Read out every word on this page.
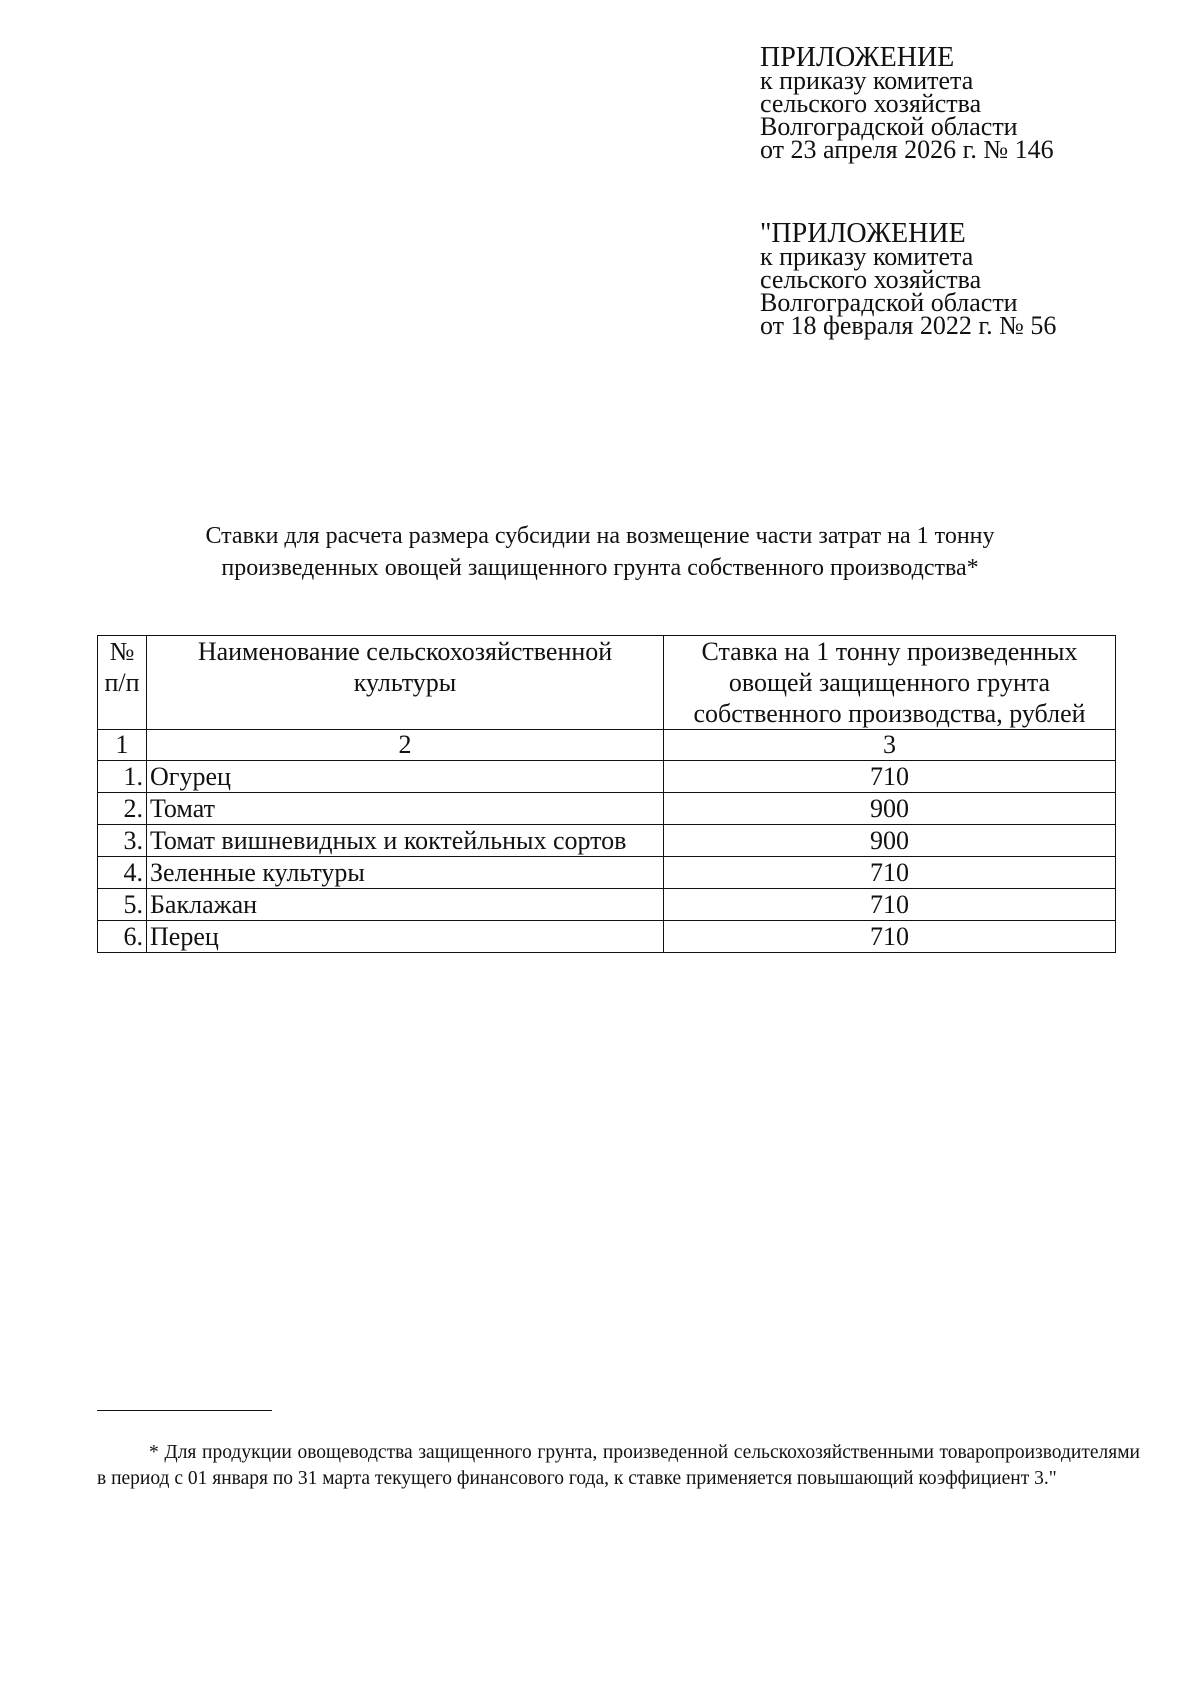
ПРИЛОЖЕНИЕ
к приказу комитета
сельского хозяйства
Волгоградской области
от 23 апреля 2026 г. № 146
"ПРИЛОЖЕНИЕ
к приказу комитета
сельского хозяйства
Волгоградской области
от 18 февраля 2022 г. № 56
Ставки для расчета размера субсидии на возмещение части затрат на 1 тонну
произведенных овощей защищенного грунта собственного производства*
№ п/п	Наименование сельскохозяйственной культуры	Ставка на 1 тонну произведенных овощей защищенного грунта собственного производства, рублей
1	2	3
1.	Огурец	710
2.	Томат	900
3.	Томат вишневидных и коктейльных сортов	900
4.	Зеленные культуры	710
5.	Баклажан	710
6.	Перец	710
* Для продукции овощеводства защищенного грунта, произведенной сельскохозяйственными товаропроизводителями в период с 01 января по 31 марта текущего финансового года, к ставке применяется повышающий коэффициент 3."
